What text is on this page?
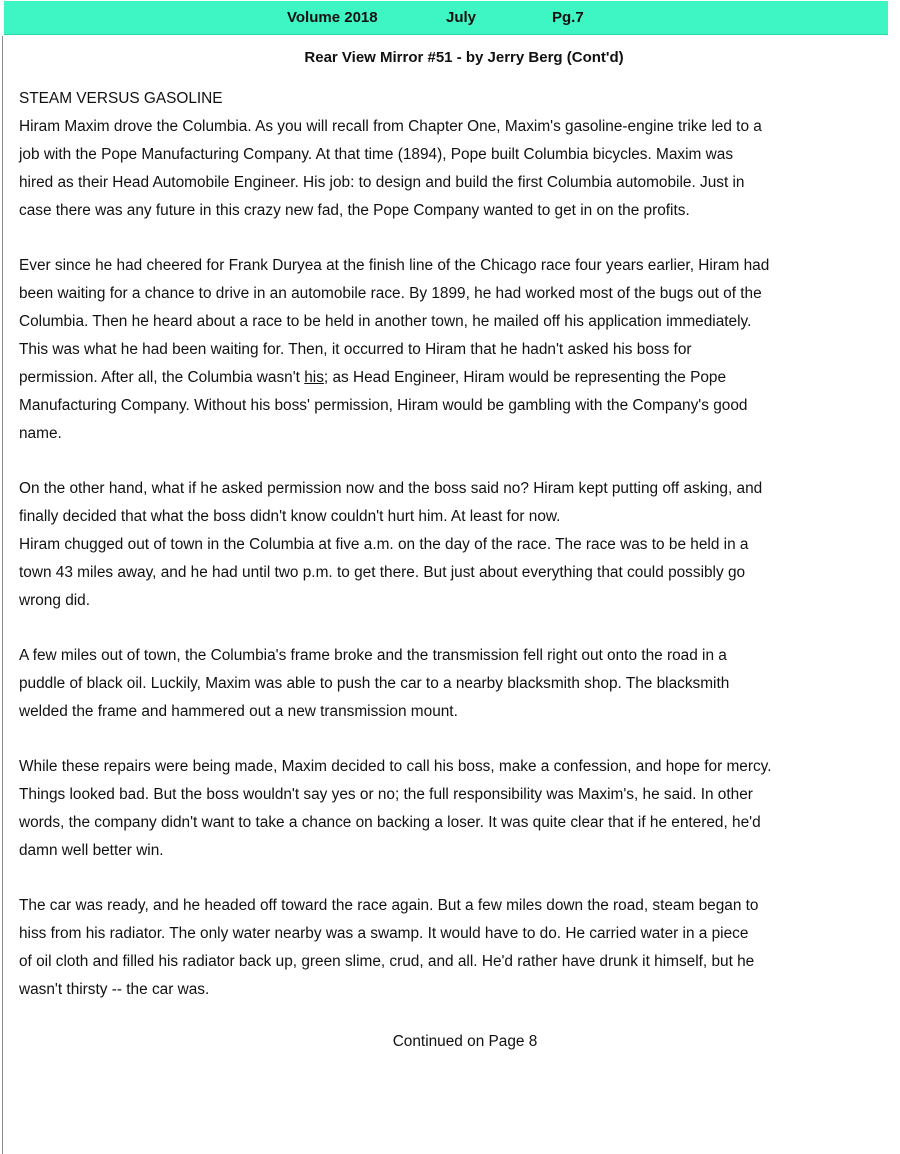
Volume 2018	July	Pg.7
Rear View Mirror #51 - by Jerry Berg (Cont'd)
STEAM VERSUS GASOLINE
Hiram Maxim drove the Columbia. As you will recall from Chapter One, Maxim's gasoline-engine trike led to a
job with the Pope Manufacturing Company. At that time (1894), Pope built Columbia bicycles. Maxim was
hired as their Head Automobile Engineer. His job: to design and build the first Columbia automobile. Just in
case there was any future in this crazy new fad, the Pope Company wanted to get in on the profits.
Ever since he had cheered for Frank Duryea at the finish line of the Chicago race four years earlier, Hiram had
been waiting for a chance to drive in an automobile race. By 1899, he had worked most of the bugs out of the
Columbia. Then he heard about a race to be held in another town, he mailed off his application immediately.
This was what he had been waiting for. Then, it occurred to Hiram that he hadn't asked his boss for
permission. After all, the Columbia wasn't his; as Head Engineer, Hiram would be representing the Pope
Manufacturing Company. Without his boss' permission, Hiram would be gambling with the Company's good
name.
On the other hand, what if he asked permission now and the boss said no? Hiram kept putting off asking, and
finally decided that what the boss didn't know couldn't hurt him. At least for now.
Hiram chugged out of town in the Columbia at five a.m. on the day of the race. The race was to be held in a
town 43 miles away, and he had until two p.m. to get there. But just about everything that could possibly go
wrong did.
A few miles out of town, the Columbia's frame broke and the transmission fell right out onto the road in a
puddle of black oil. Luckily, Maxim was able to push the car to a nearby blacksmith shop. The blacksmith
welded the frame and hammered out a new transmission mount.
While these repairs were being made, Maxim decided to call his boss, make a confession, and hope for mercy.
Things looked bad. But the boss wouldn't say yes or no; the full responsibility was Maxim's, he said. In other
words, the company didn't want to take a chance on backing a loser. It was quite clear that if he entered, he'd
damn well better win.
The car was ready, and he headed off toward the race again. But a few miles down the road, steam began to
hiss from his radiator. The only water nearby was a swamp. It would have to do. He carried water in a piece
of oil cloth and filled his radiator back up, green slime, crud, and all. He'd rather have drunk it himself, but he
wasn't thirsty -- the car was.
Continued on Page 8
